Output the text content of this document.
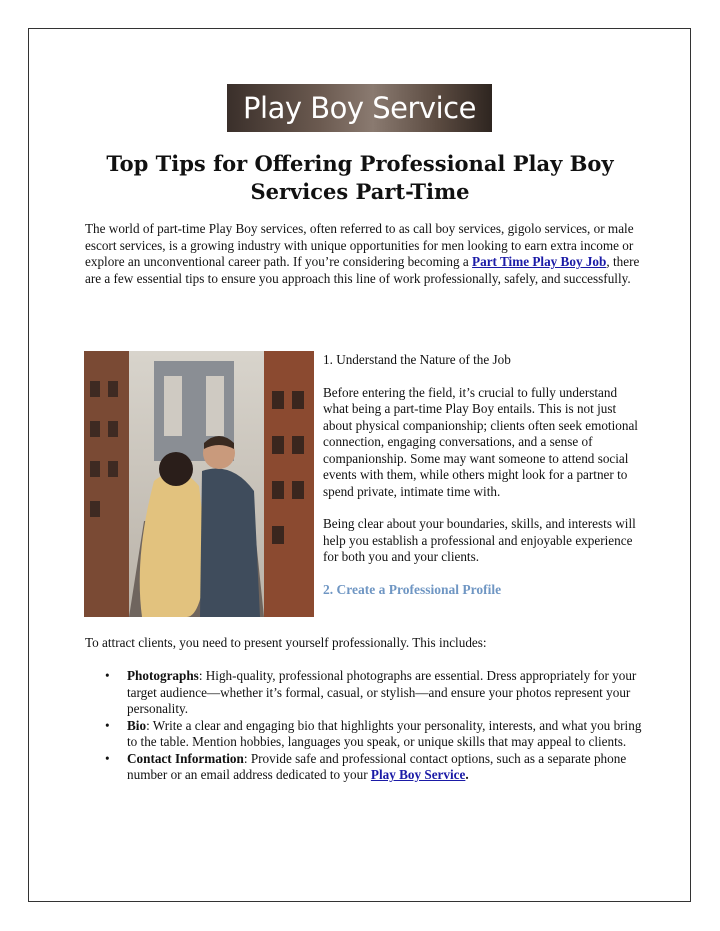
Play Boy Service
Top Tips for Offering Professional Play Boy Services Part-Time
The world of part-time Play Boy services, often referred to as call boy services, gigolo services, or male escort services, is a growing industry with unique opportunities for men looking to earn extra income or explore an unconventional career path. If you’re considering becoming a Part Time Play Boy Job, there are a few essential tips to ensure you approach this line of work professionally, safely, and successfully.

1. Understand the Nature of the Job

Before entering the field, it’s crucial to fully understand what being a part-time Play Boy entails. This is not just about physical companionship; clients often seek emotional connection, engaging conversations, and a sense of companionship. Some may want someone to attend social events with them, while others might look for a partner to spend private, intimate time with.

Being clear about your boundaries, skills, and interests will help you establish a professional and enjoyable experience for both you and your clients.

2. Create a Professional Profile

To attract clients, you need to present yourself professionally. This includes:
• Photographs: High-quality, professional photographs are essential. Dress appropriately for your target audience—whether it’s formal, casual, or stylish—and ensure your photos represent your personality.
• Bio: Write a clear and engaging bio that highlights your personality, interests, and what you bring to the table. Mention hobbies, languages you speak, or unique skills that may appeal to clients.
• Contact Information: Provide safe and professional contact options, such as a separate phone number or an email address dedicated to your Play Boy Service.
